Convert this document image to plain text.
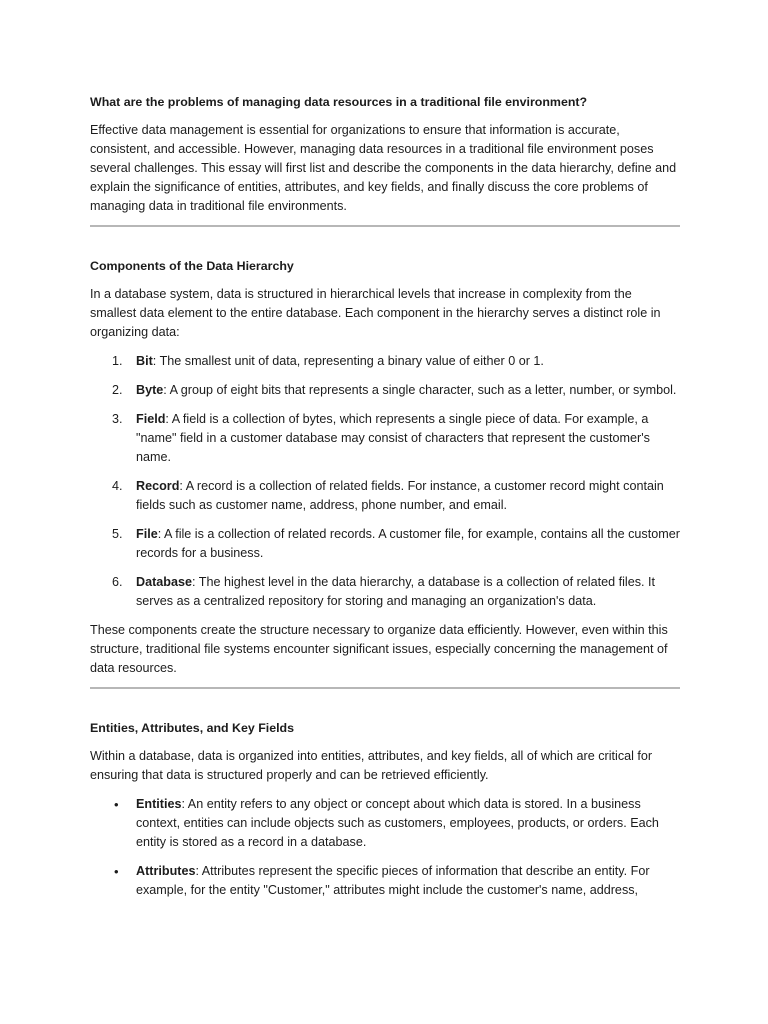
What are the problems of managing data resources in a traditional file environment?

Effective data management is essential for organizations to ensure that information is accurate, consistent, and accessible. However, managing data resources in a traditional file environment poses several challenges. This essay will first list and describe the components in the data hierarchy, define and explain the significance of entities, attributes, and key fields, and finally discuss the core problems of managing data in traditional file environments.

Components of the Data Hierarchy

In a database system, data is structured in hierarchical levels that increase in complexity from the smallest data element to the entire database. Each component in the hierarchy serves a distinct role in organizing data:

1. Bit: The smallest unit of data, representing a binary value of either 0 or 1.
2. Byte: A group of eight bits that represents a single character, such as a letter, number, or symbol.
3. Field: A field is a collection of bytes, which represents a single piece of data. For example, a "name" field in a customer database may consist of characters that represent the customer's name.
4. Record: A record is a collection of related fields. For instance, a customer record might contain fields such as customer name, address, phone number, and email.
5. File: A file is a collection of related records. A customer file, for example, contains all the customer records for a business.
6. Database: The highest level in the data hierarchy, a database is a collection of related files. It serves as a centralized repository for storing and managing an organization's data.

These components create the structure necessary to organize data efficiently. However, even within this structure, traditional file systems encounter significant issues, especially concerning the management of data resources.

Entities, Attributes, and Key Fields

Within a database, data is organized into entities, attributes, and key fields, all of which are critical for ensuring that data is structured properly and can be retrieved efficiently.

• Entities: An entity refers to any object or concept about which data is stored. In a business context, entities can include objects such as customers, employees, products, or orders. Each entity is stored as a record in a database.
• Attributes: Attributes represent the specific pieces of information that describe an entity. For example, for the entity "Customer," attributes might include the customer's name, address,
